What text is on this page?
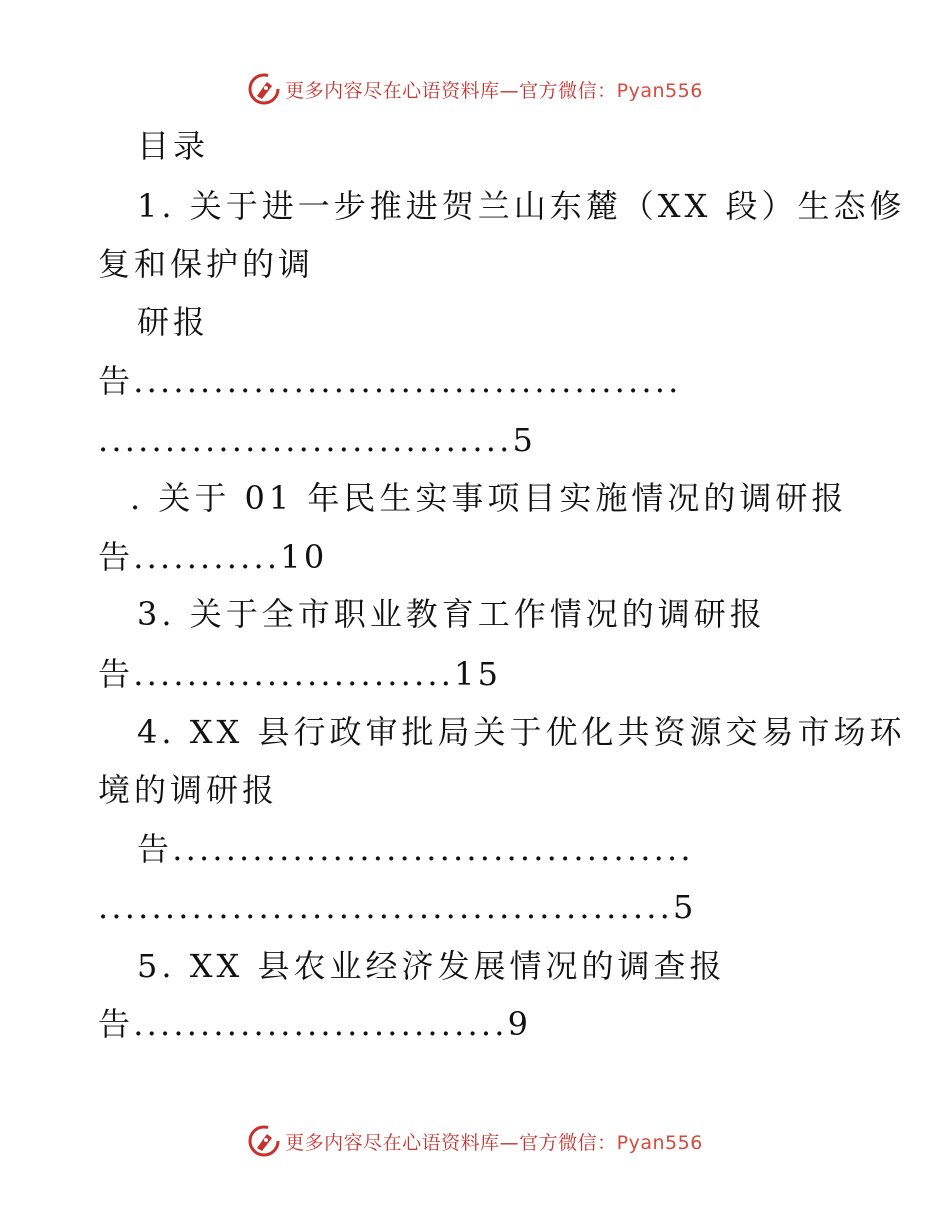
更多内容尽在心语资料库—官方微信：Pyan556
目录
1. 关于进一步推进贺兰山东麓（XX 段）生态修
复和保护的调
研报
告.........................................
...............................5
. 关于 01 年民生实事项目实施情况的调研报
告...........10
3. 关于全市职业教育工作情况的调研报
告........................15
4. XX 县行政审批局关于优化共资源交易市场环
境的调研报
告.......................................
...........................................5
5. XX 县农业经济发展情况的调查报
告............................9
更多内容尽在心语资料库—官方微信：Pyan556
